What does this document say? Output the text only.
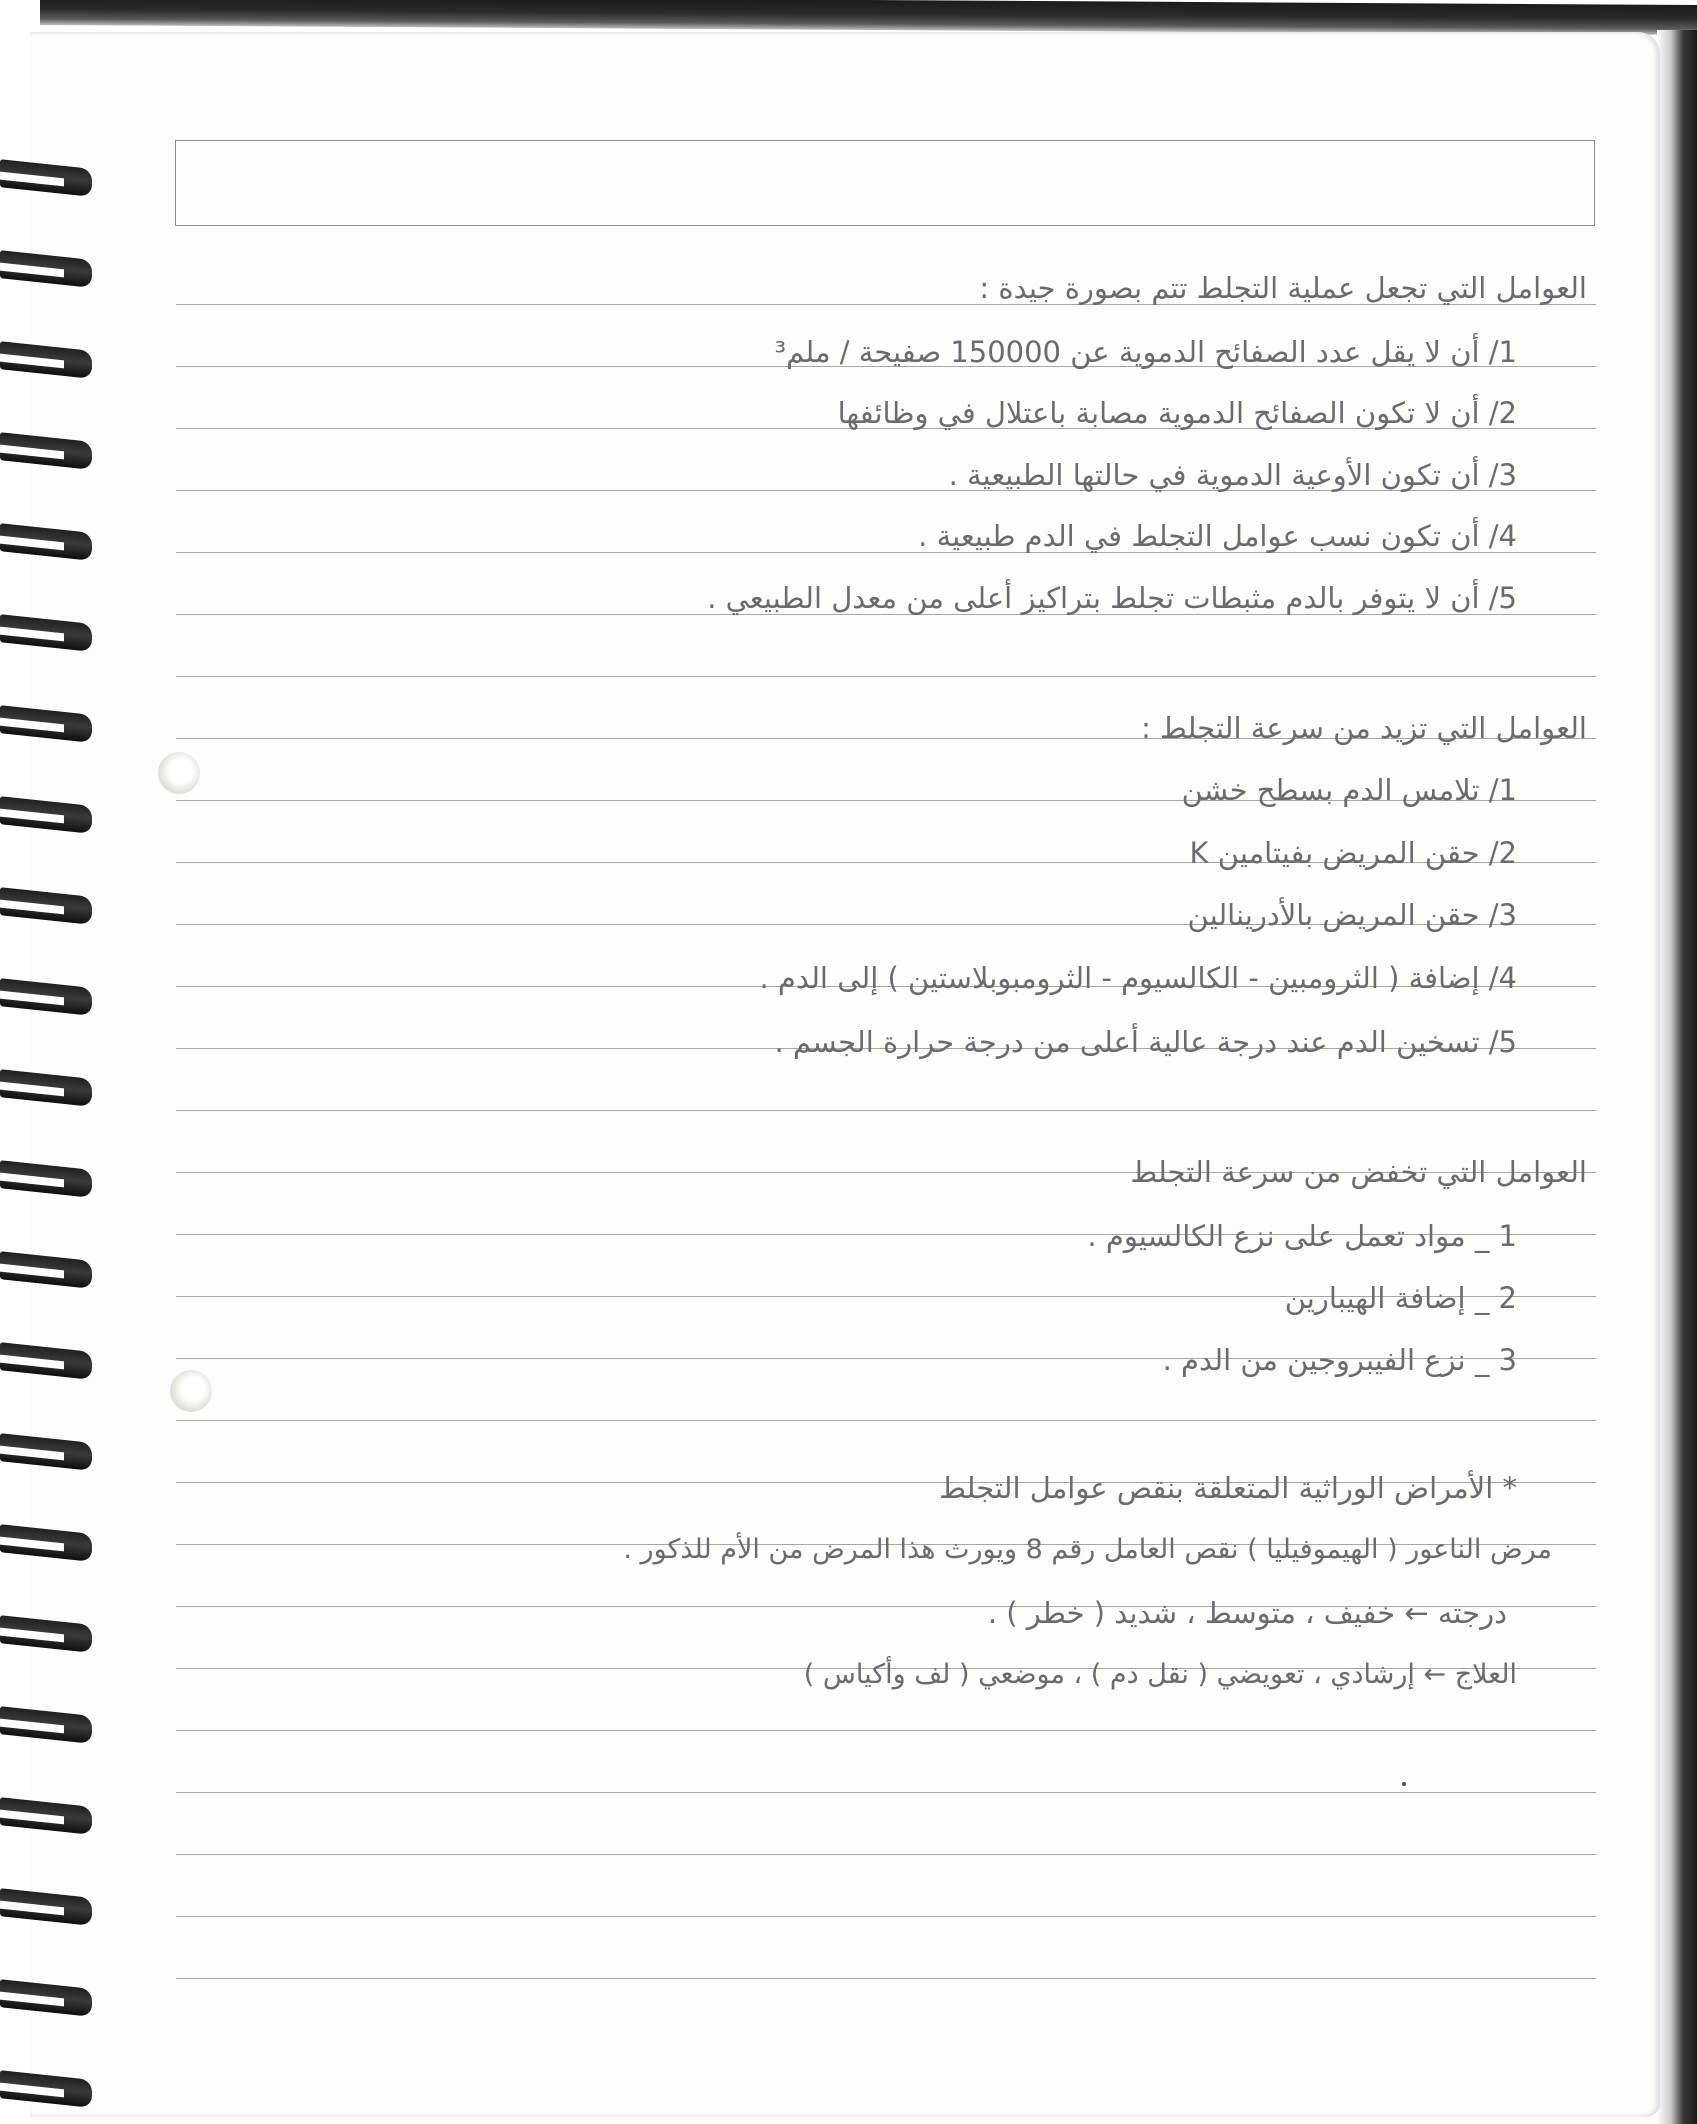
العوامل التي تجعل عملية التجلط تتم بصورة جيدة :

1/ أن لا يقل عدد الصفائح الدموية عن 150000 صفيحة / ملم³

2/ أن لا تكون الصفائح الدموية مصابة باعتلال في وظائفها

3/ أن تكون الأوعية الدموية في حالتها الطبيعية .

4/ أن تكون نسب عوامل التجلط في الدم طبيعية .

5/ أن لا يتوفر بالدم مثبطات تجلط بتراكيز أعلى من معدل الطبيعي .

العوامل التي تزيد من سرعة التجلط :

1/ تلامس الدم بسطح خشن

2/ حقن المريض بفيتامين K

3/ حقن المريض بالأدرينالين

4/ إضافة ( الثرومبين - الكالسيوم - الثرومبوبلاستين ) إلى الدم .

5/ تسخين الدم عند درجة عالية أعلى من درجة حرارة الجسم .

العوامل التي تخفض من سرعة التجلط

1 _ مواد تعمل على نزع الكالسيوم .

2 _ إضافة الهيبارين

3 _ نزع الفيبروجين من الدم .

* الأمراض الوراثية المتعلقة بنقص عوامل التجلط

مرض الناعور ( الهيموفيليا ) نقص العامل رقم 8 ويورث هذا المرض من الأم للذكور .

درجته ← خفيف ، متوسط ، شديد ( خطر ) .

العلاج ← إرشادي ، تعويضي ( نقل دم ) ، موضعي ( لف وأكياس )
